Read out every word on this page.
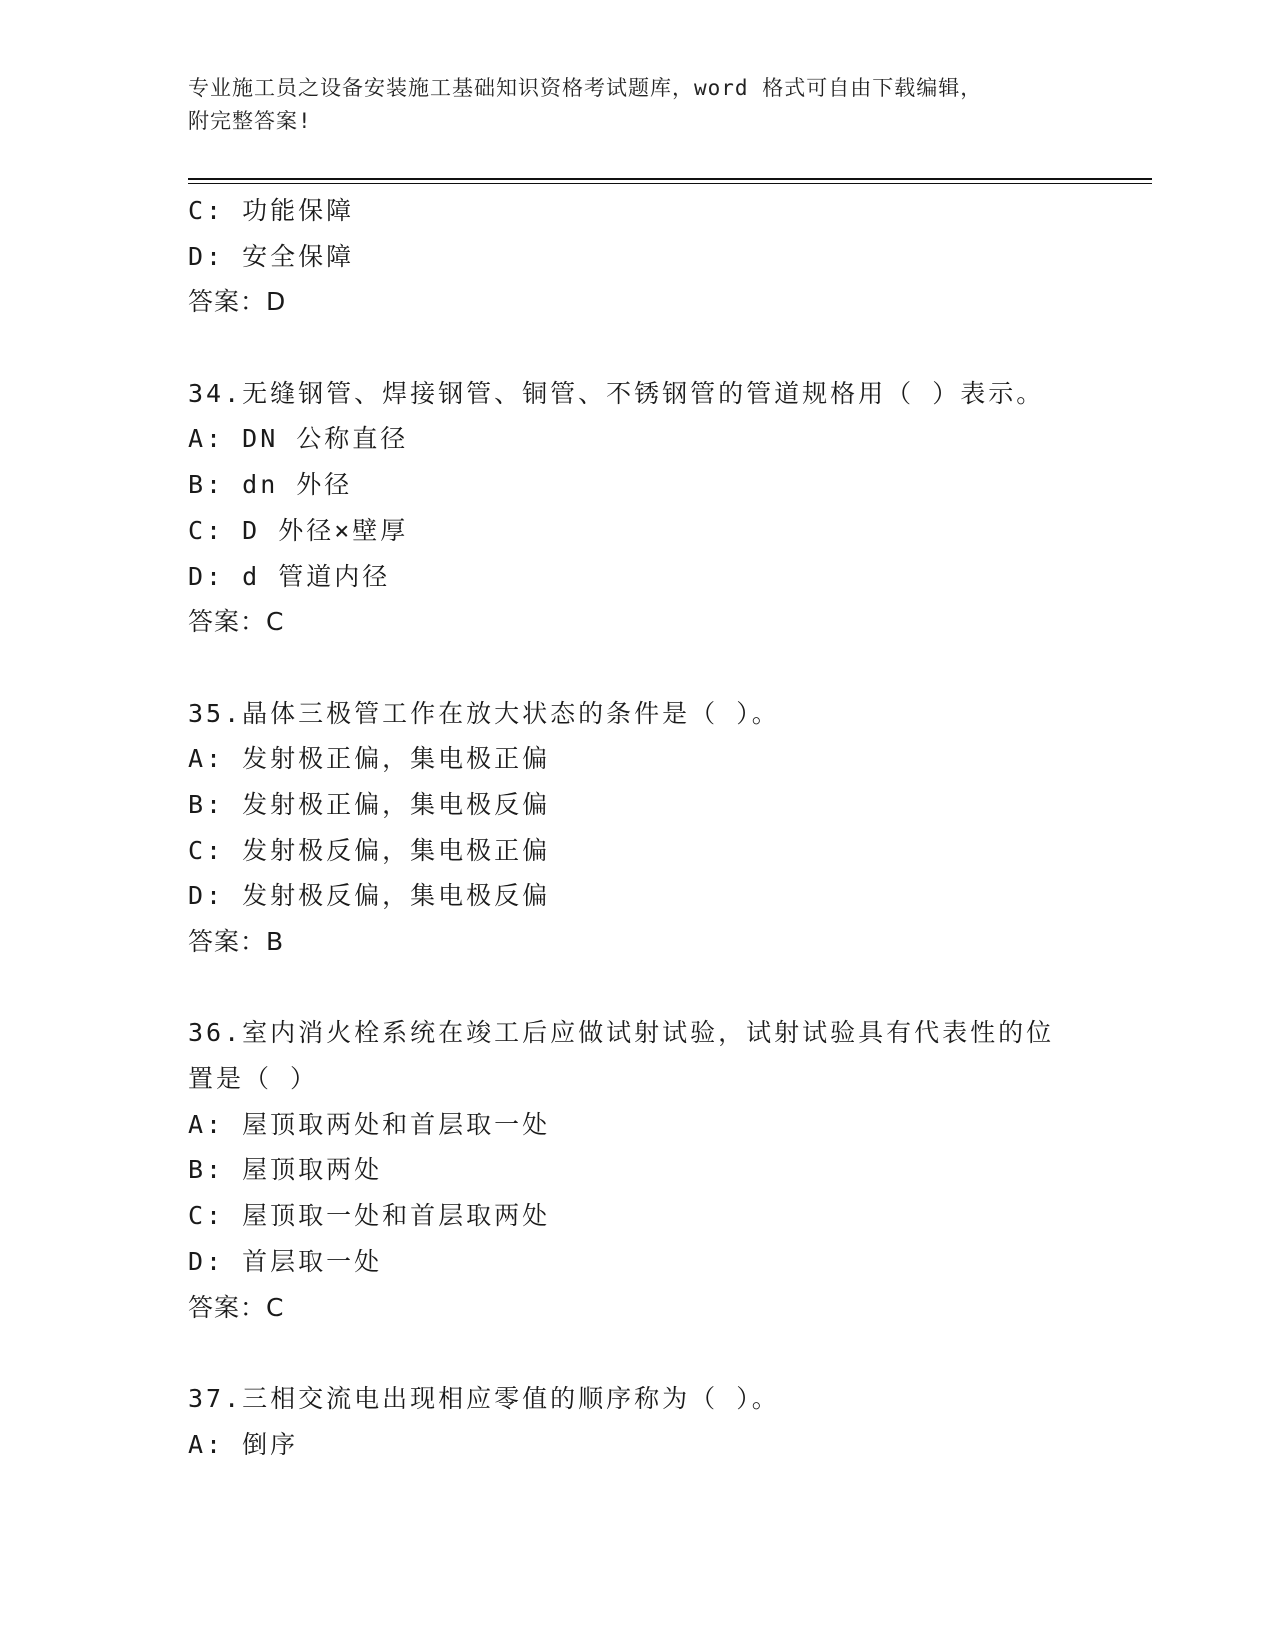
专业施工员之设备安装施工基础知识资格考试题库，word 格式可自由下载编辑，
附完整答案!
C: 功能保障
D: 安全保障
答案：D
34.无缝钢管、焊接钢管、铜管、不锈钢管的管道规格用（ ）表示。
A: DN 公称直径
B: dn 外径
C: D 外径×壁厚
D: d 管道内径
答案：C
35.晶体三极管工作在放大状态的条件是（ ）。
A: 发射极正偏，集电极正偏
B: 发射极正偏，集电极反偏
C: 发射极反偏，集电极正偏
D: 发射极反偏，集电极反偏
答案：B
36.室内消火栓系统在竣工后应做试射试验，试射试验具有代表性的位
置是（ ）
A: 屋顶取两处和首层取一处
B: 屋顶取两处
C: 屋顶取一处和首层取两处
D: 首层取一处
答案：C
37.三相交流电出现相应零值的顺序称为（ ）。
A: 倒序
